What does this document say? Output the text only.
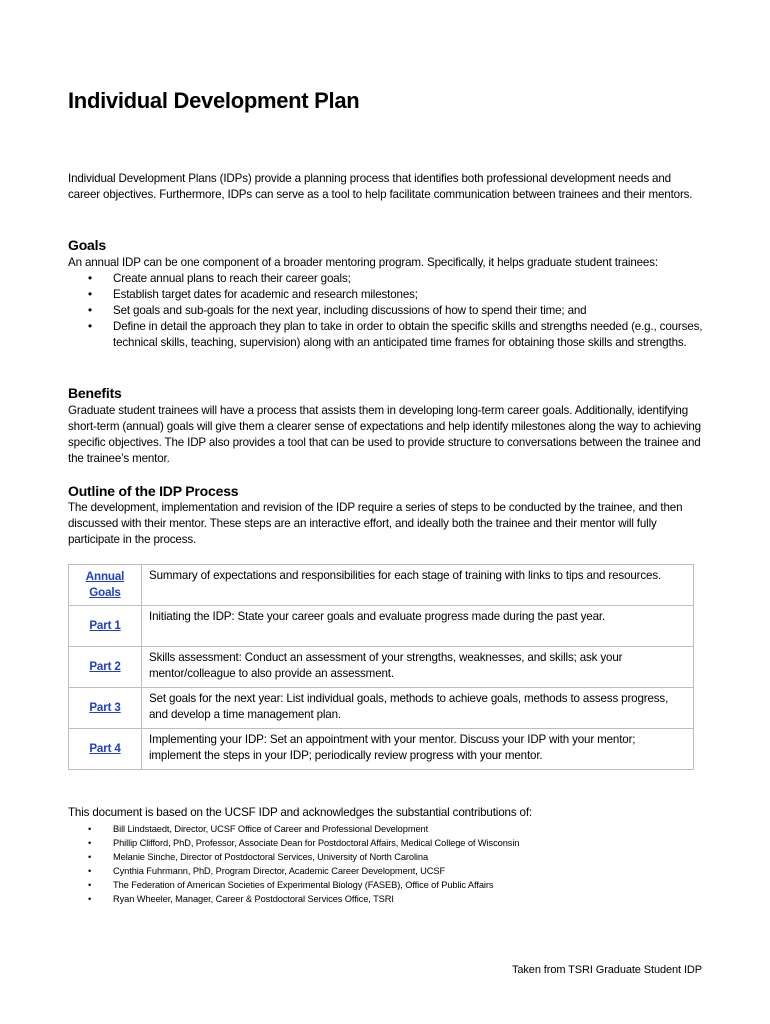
Individual Development Plan

Individual Development Plans (IDPs) provide a planning process that identifies both professional development needs and career objectives. Furthermore, IDPs can serve as a tool to help facilitate communication between trainees and their mentors.

Goals

An annual IDP can be one component of a broader mentoring program. Specifically, it helps graduate student trainees:

• Create annual plans to reach their career goals;
• Establish target dates for academic and research milestones;
• Set goals and sub-goals for the next year, including discussions of how to spend their time; and
• Define in detail the approach they plan to take in order to obtain the specific skills and strengths needed (e.g., courses, technical skills, teaching, supervision) along with an anticipated time frames for obtaining those skills and strengths.
Benefits

Graduate student trainees will have a process that assists them in developing long-term career goals. Additionally, identifying short-term (annual) goals will give them a clearer sense of expectations and help identify milestones along the way to achieving specific objectives. The IDP also provides a tool that can be used to provide structure to conversations between the trainee and the trainee’s mentor.

Outline of the IDP Process

The development, implementation and revision of the IDP require a series of steps to be conducted by the trainee, and then discussed with their mentor. These steps are an interactive effort, and ideally both the trainee and their mentor will fully participate in the process.

Annual Goals	Summary of expectations and responsibilities for each stage of training with links to tips and resources.
Part 1	Initiating the IDP: State your career goals and evaluate progress made during the past year.
Part 2	Skills assessment: Conduct an assessment of your strengths, weaknesses, and skills; ask your mentor/colleague to also provide an assessment.
Part 3	Set goals for the next year: List individual goals, methods to achieve goals, methods to assess progress, and develop a time management plan.
Part 4	Implementing your IDP: Set an appointment with your mentor. Discuss your IDP with your mentor; implement the steps in your IDP; periodically review progress with your mentor.

This document is based on the UCSF IDP and acknowledges the substantial contributions of:

• Bill Lindstaedt, Director, UCSF Office of Career and Professional Development
• Phillip Clifford, PhD, Professor, Associate Dean for Postdoctoral Affairs, Medical College of Wisconsin
• Melanie Sinche, Director of Postdoctoral Services, University of North Carolina
• Cynthia Fuhrmann, PhD, Program Director, Academic Career Development, UCSF
• The Federation of American Societies of Experimental Biology (FASEB), Office of Public Affairs
• Ryan Wheeler, Manager, Career & Postdoctoral Services Office, TSRI
Taken from TSRI Graduate Student IDP
